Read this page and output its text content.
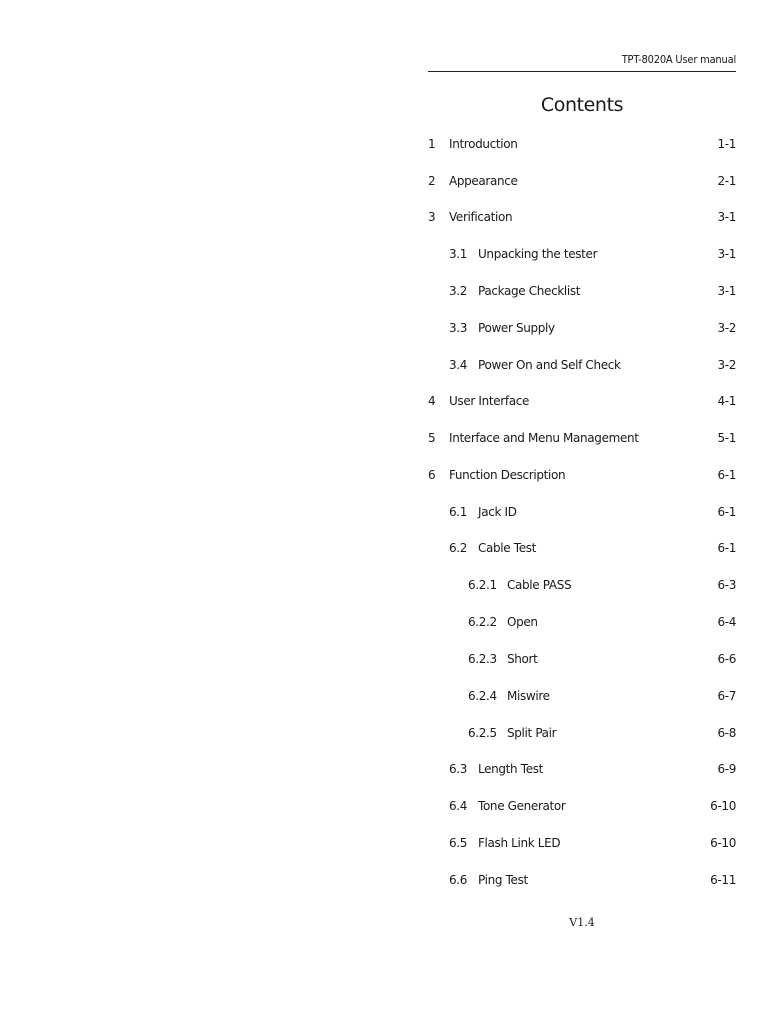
TPT-8020A User manual
Contents
1	Introduction	1-1
2	Appearance	2-1
3	Verification	3-1
3.1 Unpacking the tester	3-1
3.2 Package Checklist	3-1
3.3 Power Supply	3-2
3.4 Power On and Self Check	3-2
4	User Interface	4-1
5	Interface and Menu Management	5-1
6	Function Description	6-1
6.1 Jack ID	6-1
6.2 Cable Test	6-1
6.2.1 Cable PASS	6-3
6.2.2 Open	6-4
6.2.3 Short	6-6
6.2.4 Miswire	6-7
6.2.5 Split Pair	6-8
6.3 Length Test	6-9
6.4 Tone Generator	6-10
6.5 Flash Link LED	6-10
6.6 Ping Test	6-11
V1.4
